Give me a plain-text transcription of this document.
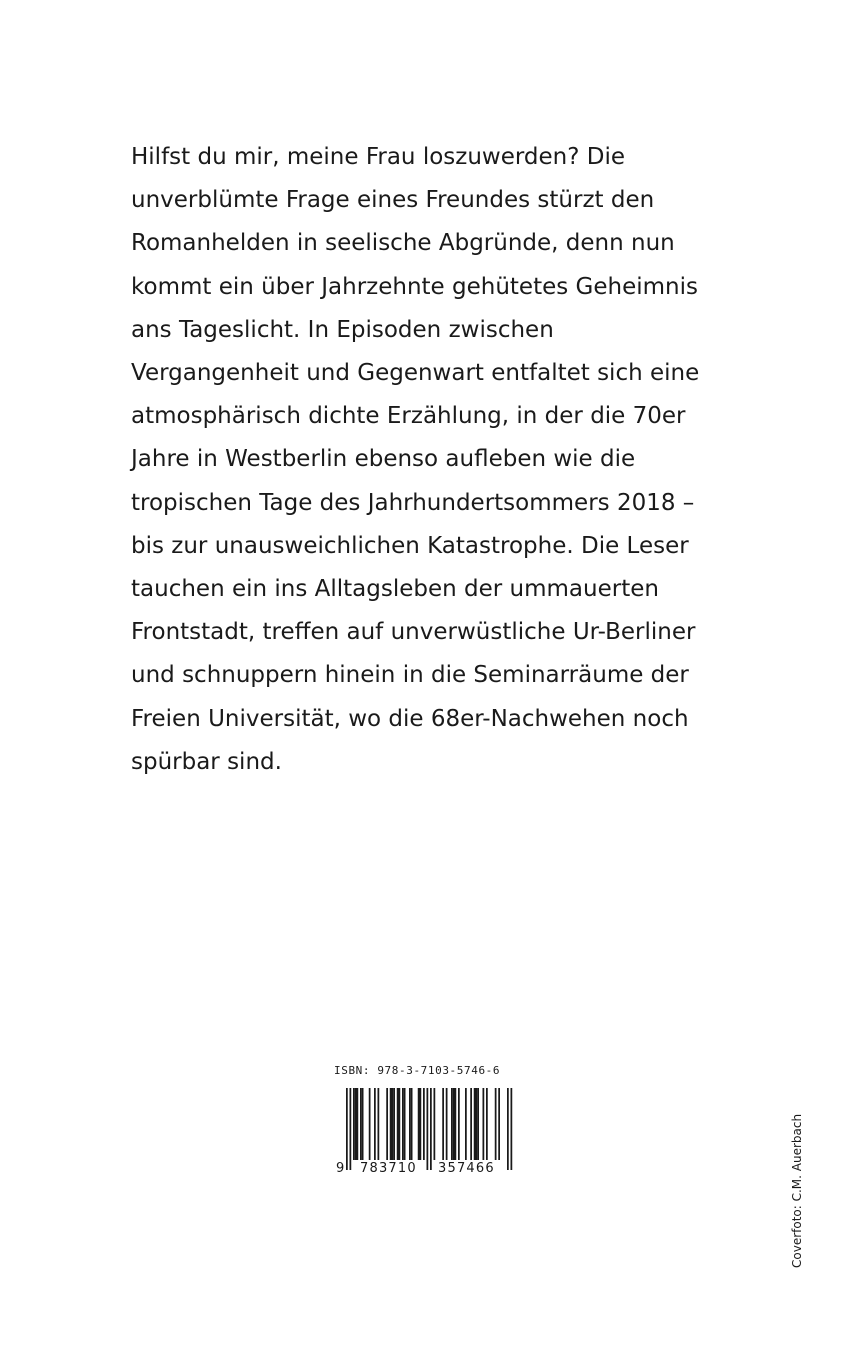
Hilfst du mir, meine Frau loszuwerden? Die
unverblümte Frage eines Freundes stürzt den
Romanhelden in seelische Abgründe, denn nun
kommt ein über Jahrzehnte gehütetes Geheimnis
ans Tageslicht. In Episoden zwischen
Vergangenheit und Gegenwart entfaltet sich eine
atmosphärisch dichte Erzählung, in der die 70er
Jahre in Westberlin ebenso aufleben wie die
tropischen Tage des Jahrhundertsommers 2018 –
bis zur unausweichlichen Katastrophe. Die Leser
tauchen ein ins Alltagsleben der ummauerten
Frontstadt, treffen auf unverwüstliche Ur-Berliner
und schnuppern hinein in die Seminarräume der
Freien Universität, wo die 68er-Nachwehen noch
spürbar sind.
ISBN: 978-3-7103-5746-6
9 783710 357466	Coverfoto: C.M. Auerbach
